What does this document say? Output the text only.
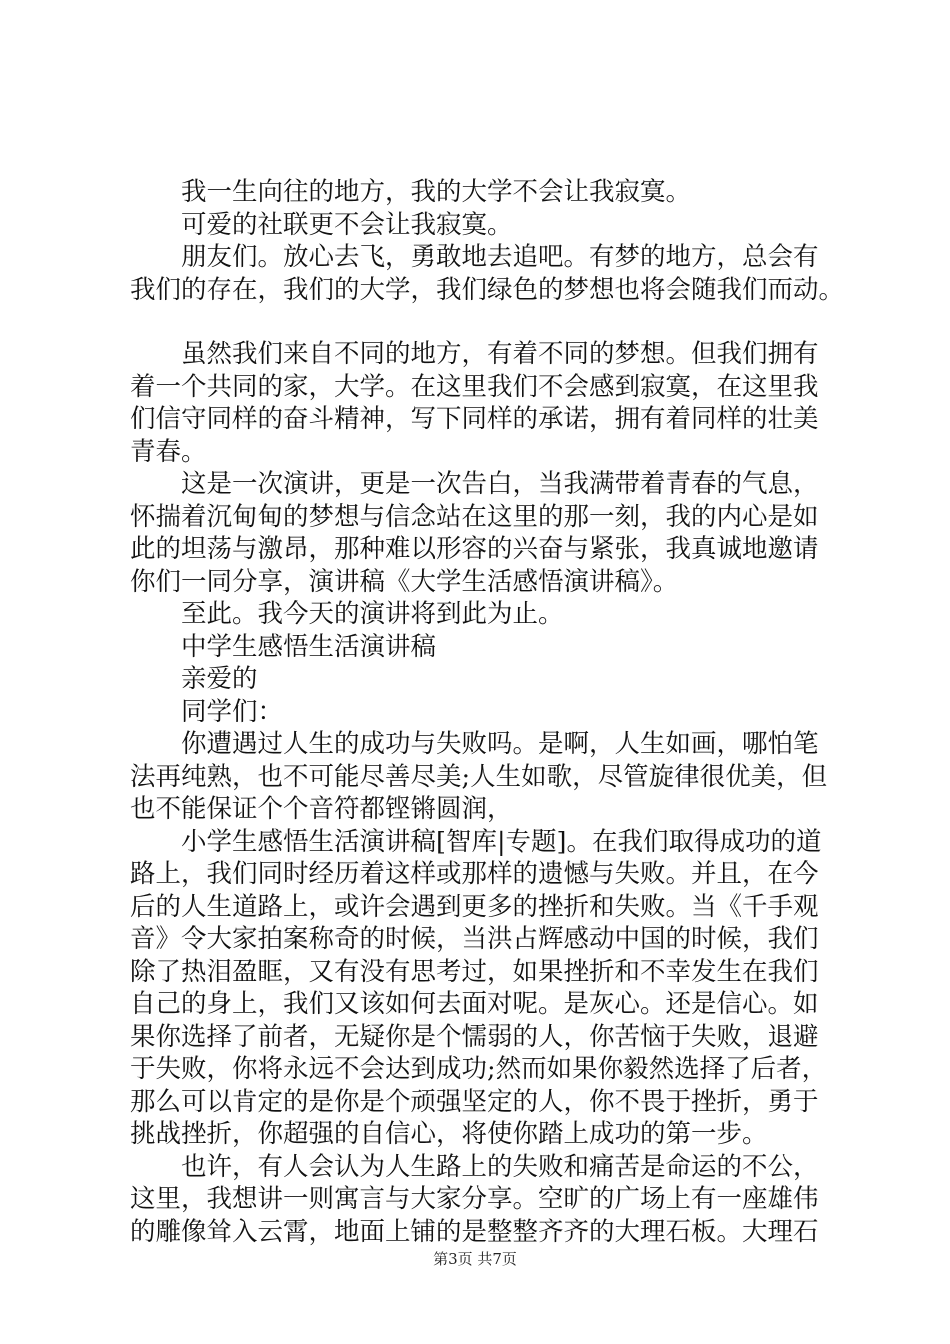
我一生向往的地方，我的大学不会让我寂寞。

可爱的社联更不会让我寂寞。

朋友们。放心去飞，勇敢地去追吧。有梦的地方，总会有
我们的存在，我们的大学，我们绿色的梦想也将会随我们而动。

虽然我们来自不同的地方，有着不同的梦想。但我们拥有
着一个共同的家，大学。在这里我们不会感到寂寞，在这里我
们信守同样的奋斗精神，写下同样的承诺，拥有着同样的壮美
青春。

这是一次演讲，更是一次告白，当我满带着青春的气息，
怀揣着沉甸甸的梦想与信念站在这里的那一刻，我的内心是如
此的坦荡与激昂，那种难以形容的兴奋与紧张，我真诚地邀请
你们一同分享，演讲稿《大学生活感悟演讲稿》。

至此。我今天的演讲将到此为止。

中学生感悟生活演讲稿

亲爱的

同学们：

你遭遇过人生的成功与失败吗。是啊，人生如画，哪怕笔
法再纯熟，也不可能尽善尽美;人生如歌，尽管旋律很优美，但
也不能保证个个音符都铿锵圆润，

小学生感悟生活演讲稿[智库|专题]。在我们取得成功的道
路上，我们同时经历着这样或那样的遗憾与失败。并且，在今
后的人生道路上，或许会遇到更多的挫折和失败。当《千手观
音》令大家拍案称奇的时候，当洪占辉感动中国的时候，我们
除了热泪盈眶，又有没有思考过，如果挫折和不幸发生在我们
自己的身上，我们又该如何去面对呢。是灰心。还是信心。如
果你选择了前者，无疑你是个懦弱的人，你苦恼于失败，退避
于失败，你将永远不会达到成功;然而如果你毅然选择了后者，
那么可以肯定的是你是个顽强坚定的人，你不畏于挫折，勇于
挑战挫折，你超强的自信心，将使你踏上成功的第一步。

也许，有人会认为人生路上的失败和痛苦是命运的不公，
这里，我想讲一则寓言与大家分享。空旷的广场上有一座雄伟
的雕像耸入云霄，地面上铺的是整整齐齐的大理石板。大理石

第3页 共7页
